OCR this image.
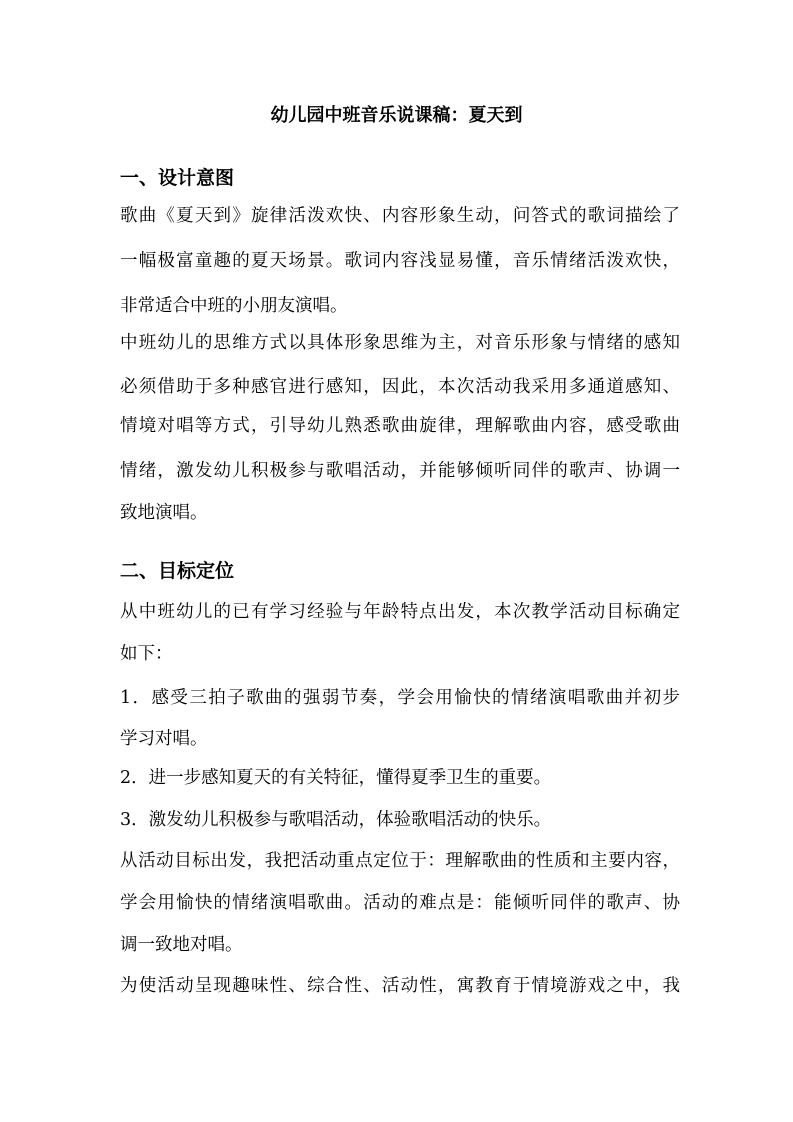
幼儿园中班音乐说课稿：夏天到
一、设计意图
歌曲《夏天到》旋律活泼欢快、内容形象生动，问答式的歌词描绘了
一幅极富童趣的夏天场景。歌词内容浅显易懂，音乐情绪活泼欢快，
非常适合中班的小朋友演唱。
中班幼儿的思维方式以具体形象思维为主，对音乐形象与情绪的感知
必须借助于多种感官进行感知，因此，本次活动我采用多通道感知、
情境对唱等方式，引导幼儿熟悉歌曲旋律，理解歌曲内容，感受歌曲
情绪，激发幼儿积极参与歌唱活动，并能够倾听同伴的歌声、协调一
致地演唱。
二、目标定位
从中班幼儿的已有学习经验与年龄特点出发，本次教学活动目标确定
如下：
1．感受三拍子歌曲的强弱节奏，学会用愉快的情绪演唱歌曲并初步
学习对唱。
2．进一步感知夏天的有关特征，懂得夏季卫生的重要。
3．激发幼儿积极参与歌唱活动，体验歌唱活动的快乐。
从活动目标出发，我把活动重点定位于：理解歌曲的性质和主要内容，
学会用愉快的情绪演唱歌曲。活动的难点是：能倾听同伴的歌声、协
调一致地对唱。
为使活动呈现趣味性、综合性、活动性，寓教育于情境游戏之中，我
